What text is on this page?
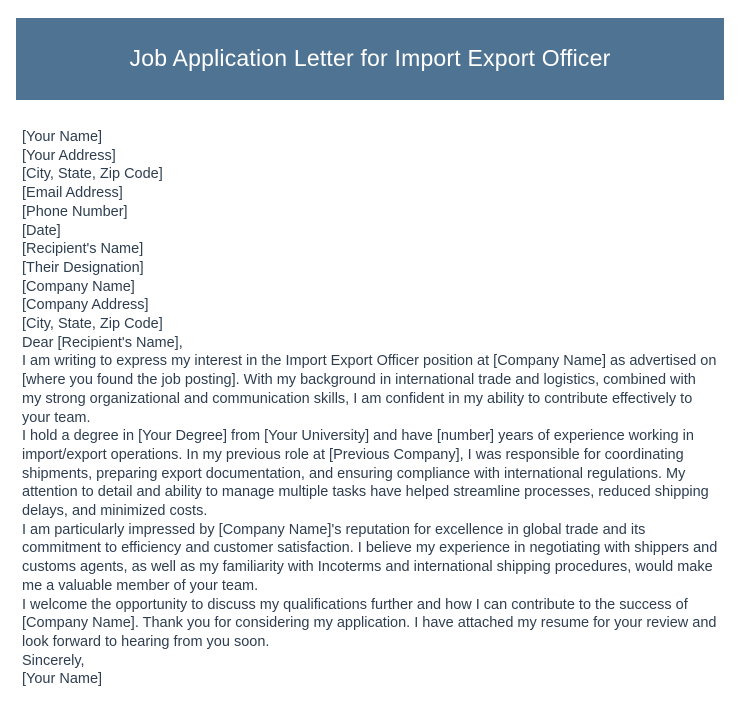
Job Application Letter for Import Export Officer

[Your Name]

[Your Address]

[City, State, Zip Code]

[Email Address]

[Phone Number]

[Date]

[Recipient's Name]

[Their Designation]

[Company Name]

[Company Address]

[City, State, Zip Code]

Dear [Recipient's Name],

I am writing to express my interest in the Import Export Officer position at [Company Name] as advertised on [where you found the job posting]. With my background in international trade and logistics, combined with my strong organizational and communication skills, I am confident in my ability to contribute effectively to your team.

I hold a degree in [Your Degree] from [Your University] and have [number] years of experience working in import/export operations. In my previous role at [Previous Company], I was responsible for coordinating shipments, preparing export documentation, and ensuring compliance with international regulations. My attention to detail and ability to manage multiple tasks have helped streamline processes, reduced shipping delays, and minimized costs.

I am particularly impressed by [Company Name]'s reputation for excellence in global trade and its commitment to efficiency and customer satisfaction. I believe my experience in negotiating with shippers and customs agents, as well as my familiarity with Incoterms and international shipping procedures, would make me a valuable member of your team.

I welcome the opportunity to discuss my qualifications further and how I can contribute to the success of [Company Name]. Thank you for considering my application. I have attached my resume for your review and look forward to hearing from you soon.

Sincerely,

[Your Name]
